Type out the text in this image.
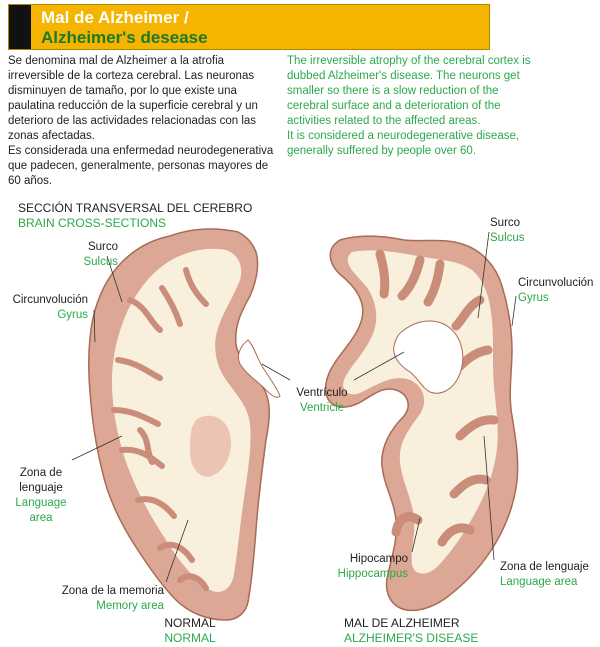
Mal de Alzheimer /
Alzheimer's desease
Se denomina mal de Alzheimer a la atrofia irreversible de la corteza cerebral. Las neuronas disminuyen de tamaño, por lo que existe una paulatina reducción de la superficie cerebral y un deterioro de las actividades relacionadas con las zonas afectadas.
Es considerada una enfermedad neurodegenerativa que padecen, generalmente, personas mayores de 60 años.
The irreversible atrophy of the cerebral cortex is dubbed Alzheimer's disease. The neurons get smaller so there is a slow reduction of the cerebral surface and a deterioration of the activities related to the affected areas.
It is considered a neurodegenerative disease, generally suffered by people over 60.
SECCIÓN TRANSVERSAL DEL CEREBRO
BRAIN CROSS-SECTIONS
Surco
Sulcus
Circunvolución
Gyrus
Zona de
lenguaje
Language
area
Zona de la memoria
Memory area
Ventrículo
Ventricle
Surco
Sulcus
Circunvolución
Gyrus
Hipocampo
Hippocampus
Zona de lenguaje
Language area
NORMAL
NORMAL
MAL DE ALZHEIMER
ALZHEIMER'S DISEASE
